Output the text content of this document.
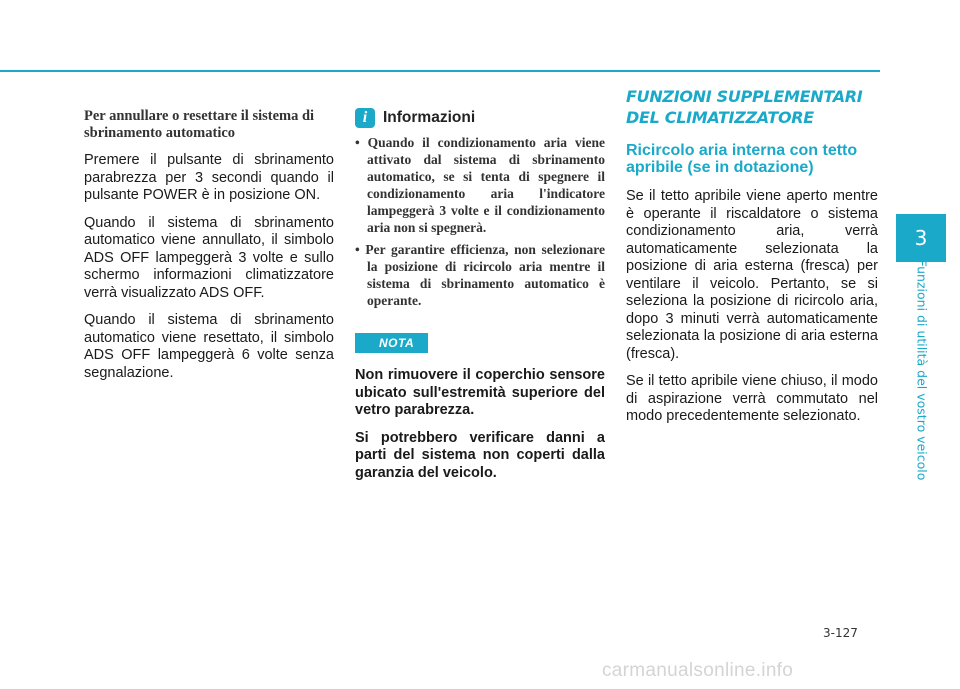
Per annullare o resettare il sistema di sbrinamento automatico

Premere il pulsante di sbrinamento parabrezza per 3 secondi quando il pulsante POWER è in posizione ON.

Quando il sistema di sbrinamento automatico viene annullato, il simbolo ADS OFF lampeggerà 3 volte e sullo schermo informazioni climatizzatore verrà visualizzato ADS OFF.

Quando il sistema di sbrinamento automatico viene resettato, il simbolo ADS OFF lampeggerà 6 volte senza segnalazione.

i	Informazioni
• Quando il condizionamento aria viene attivato dal sistema di sbrinamento automatico, se si tenta di spegnere il condizionamento aria l'indicatore lampeggerà 3 volte e il condizionamento aria non si spegnerà.
• Per garantire efficienza, non selezionare la posizione di ricircolo aria mentre il sistema di sbrinamento automatico è operante.
NOTA

Non rimuovere il coperchio sensore ubicato sull'estremità superiore del vetro parabrezza.

Si potrebbero verificare danni a parti del sistema non coperti dalla garanzia del veicolo.

FUNZIONI SUPPLEMENTARI
DEL CLIMATIZZATORE

Ricircolo aria interna con tetto apribile (se in dotazione)

Se il tetto apribile viene aperto mentre è operante il riscaldatore o sistema condizionamento aria, verrà automaticamente selezionata la posizione di aria esterna (fresca) per ventilare il veicolo. Pertanto, se si seleziona la posizione di ricircolo aria, dopo 3 minuti verrà automaticamente selezionata la posizione di aria esterna (fresca).

Se il tetto apribile viene chiuso, il modo di aspirazione verrà commutato nel modo precedentemente selezionato.

3
Funzioni di utilità del vostro veicolo
3-127
carmanualsonline.info
